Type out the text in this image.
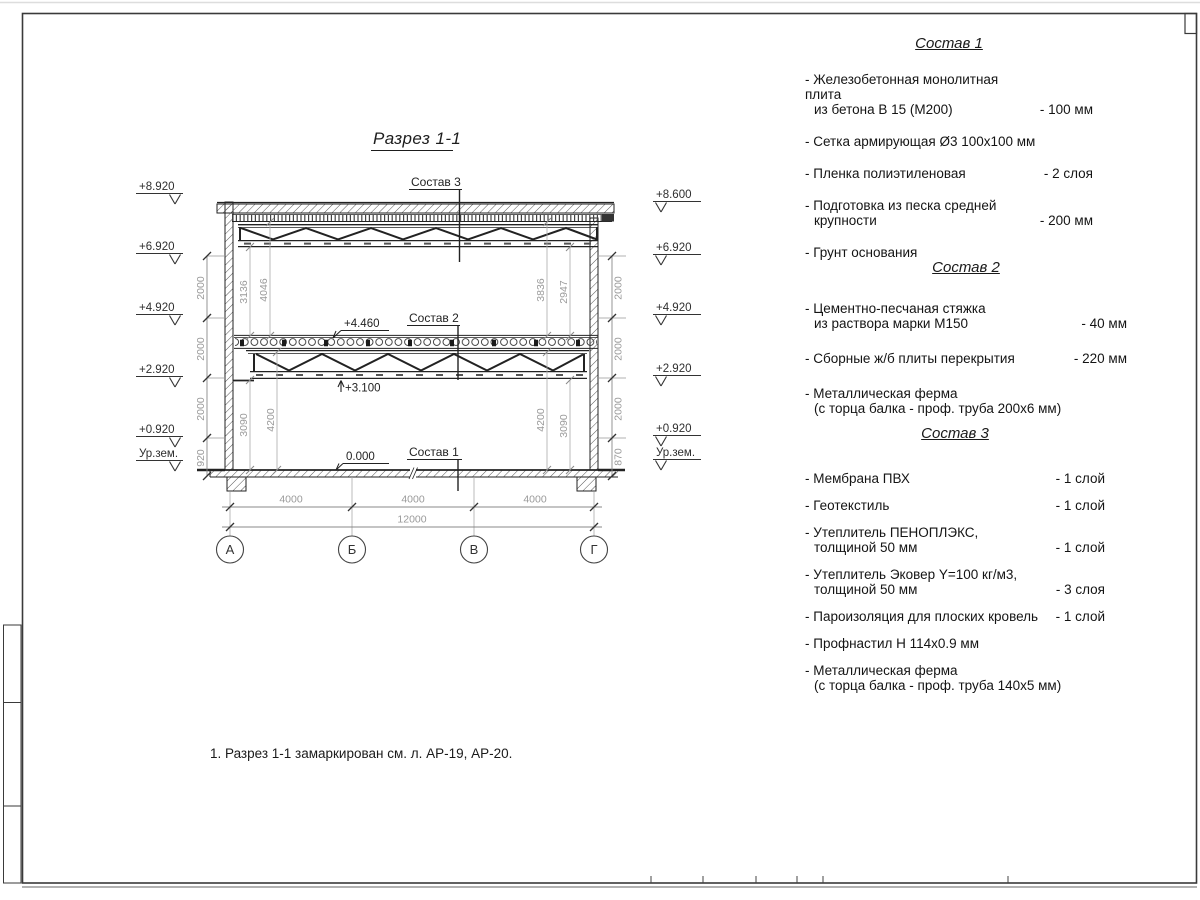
Разрез 1-1
Состав 3
Состав 2
Состав 1
+4.460
+3.100
0.000
+8.920
+6.920
+4.920
+2.920
+0.920
Ур.зем.
+8.600
+6.920
+4.920
+2.920
+0.920
Ур.зем.
2000
2000
2000
920
2000
2000
2000
870
3136 4046	3836 2947
3090 4200	4200 3090
4000	4000	4000
12000
А	Б	В	Г
Состав 1
- Железобетонная монолитная плита
из бетона В 15 (М200)	- 100 мм
- Сетка армирующая Ø3 100х100 мм
- Пленка полиэтиленовая	- 2 слоя
- Подготовка из песка средней
крупности	- 200 мм
- Грунт основания
Состав 2
- Цементно-песчаная стяжка
из раствора марки М150	- 40 мм
- Сборные ж/б плиты перекрытия	- 220 мм
- Металлическая ферма
(с торца балка - проф. труба 200х6 мм)
Состав 3
- Мембрана ПВХ	- 1 слой
- Геотекстиль	- 1 слой
- Утеплитель ПЕНОПЛЭКС,
толщиной 50 мм	- 1 слой
- Утеплитель Эковер Y=100 кг/м3,
толщиной 50 мм	- 3 слоя
- Пароизоляция для плоских кровель	- 1 слой
- Профнастил Н 114х0.9 мм
- Металлическая ферма
(с торца балка - проф. труба 140х5 мм)
1. Разрез 1-1 замаркирован см. л. АР-19, АР-20.
